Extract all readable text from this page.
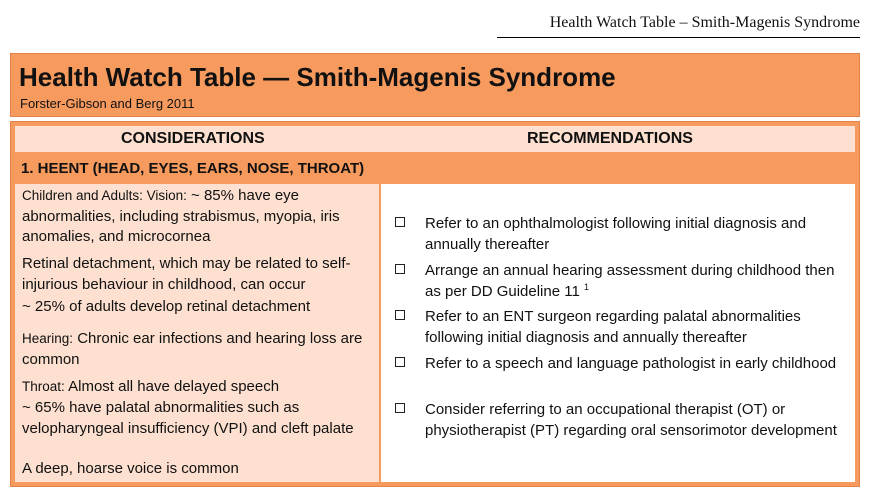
Health Watch Table – Smith-Magenis Syndrome
Health Watch Table — Smith-Magenis Syndrome
Forster-Gibson and Berg 2011
CONSIDERATIONS	RECOMMENDATIONS
1. HEENT (HEAD, EYES, EARS, NOSE, THROAT)
Children and Adults: Vision: ~ 85% have eye abnormalities, including strabismus, myopia, iris anomalies, and microcornea
Retinal detachment, which may be related to self-injurious behaviour in childhood, can occur
~ 25% of adults develop retinal detachment
Hearing: Chronic ear infections and hearing loss are common
Throat: Almost all have delayed speech
~ 65% have palatal abnormalities such as velopharyngeal insufficiency (VPI) and cleft palate
A deep, hoarse voice is common
Refer to an ophthalmologist following initial diagnosis and annually thereafter
Arrange an annual hearing assessment during childhood then as per DD Guideline 11 $^1$
Refer to an ENT surgeon regarding palatal abnormalities following initial diagnosis and annually thereafter
Refer to a speech and language pathologist in early childhood
Consider referring to an occupational therapist (OT) or physiotherapist (PT) regarding oral sensorimotor development
